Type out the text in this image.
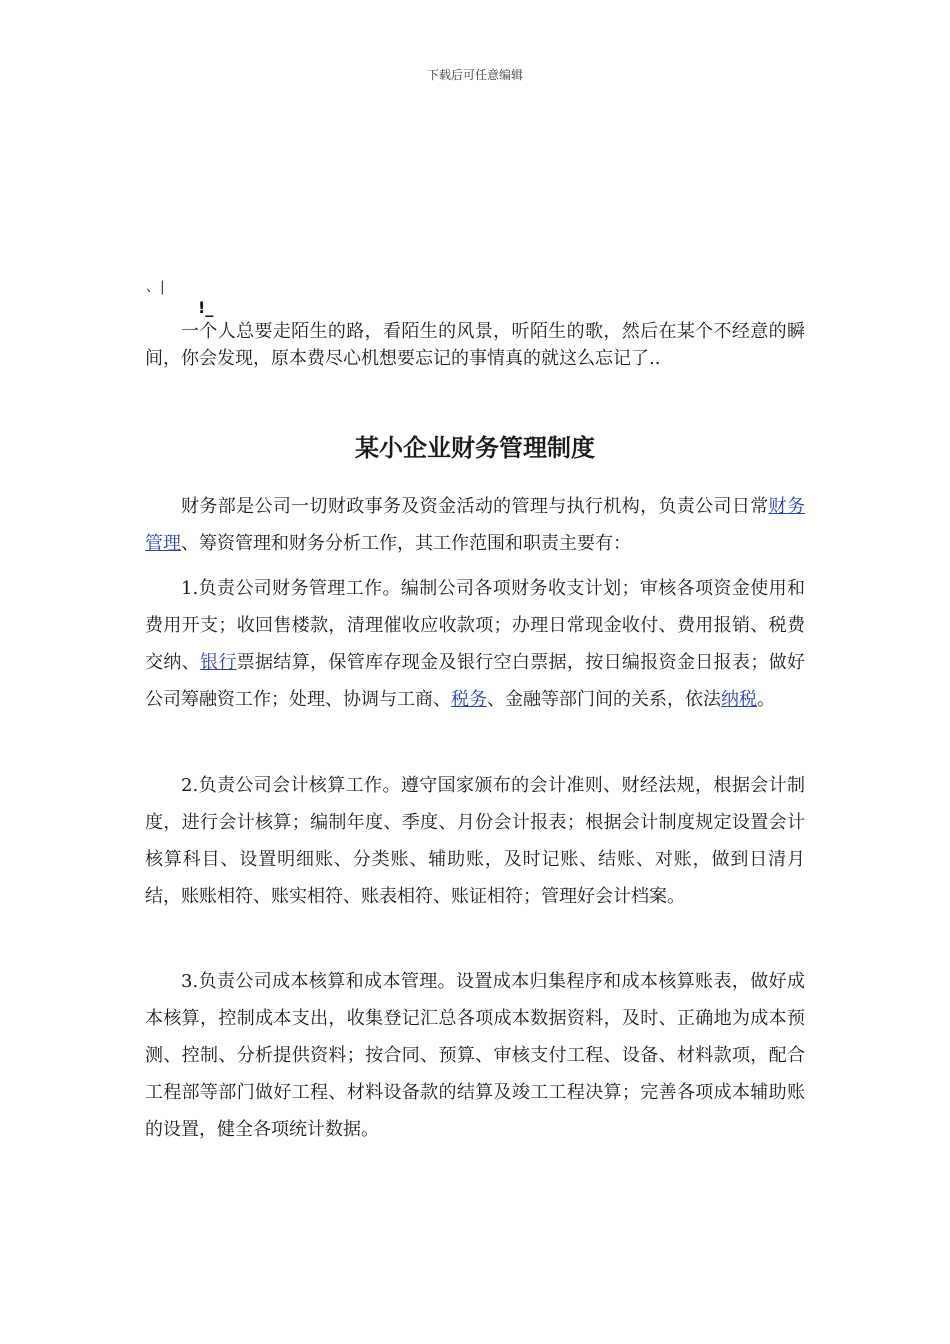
下载后可任意编辑
、|
!_

一个人总要走陌生的路，看陌生的风景，听陌生的歌，然后在某个不经意的瞬间，你会发现，原本费尽心机想要忘记的事情真的就这么忘记了..

某小企业财务管理制度

财务部是公司一切财政事务及资金活动的管理与执行机构，负责公司日常财务管理、筹资管理和财务分析工作，其工作范围和职责主要有：

1.负责公司财务管理工作。编制公司各项财务收支计划；审核各项资金使用和费用开支；收回售楼款，清理催收应收款项；办理日常现金收付、费用报销、税费交纳、银行票据结算，保管库存现金及银行空白票据，按日编报资金日报表；做好公司筹融资工作；处理、协调与工商、税务、金融等部门间的关系，依法纳税。

2.负责公司会计核算工作。遵守国家颁布的会计准则、财经法规，根据会计制度，进行会计核算；编制年度、季度、月份会计报表；根据会计制度规定设置会计核算科目、设置明细账、分类账、辅助账，及时记账、结账、对账，做到日清月结，账账相符、账实相符、账表相符、账证相符；管理好会计档案。

3.负责公司成本核算和成本管理。设置成本归集程序和成本核算账表，做好成本核算，控制成本支出，收集登记汇总各项成本数据资料，及时、正确地为成本预测、控制、分析提供资料；按合同、预算、审核支付工程、设备、材料款项，配合工程部等部门做好工程、材料设备款的结算及竣工工程决算；完善各项成本辅助账的设置，健全各项统计数据。
